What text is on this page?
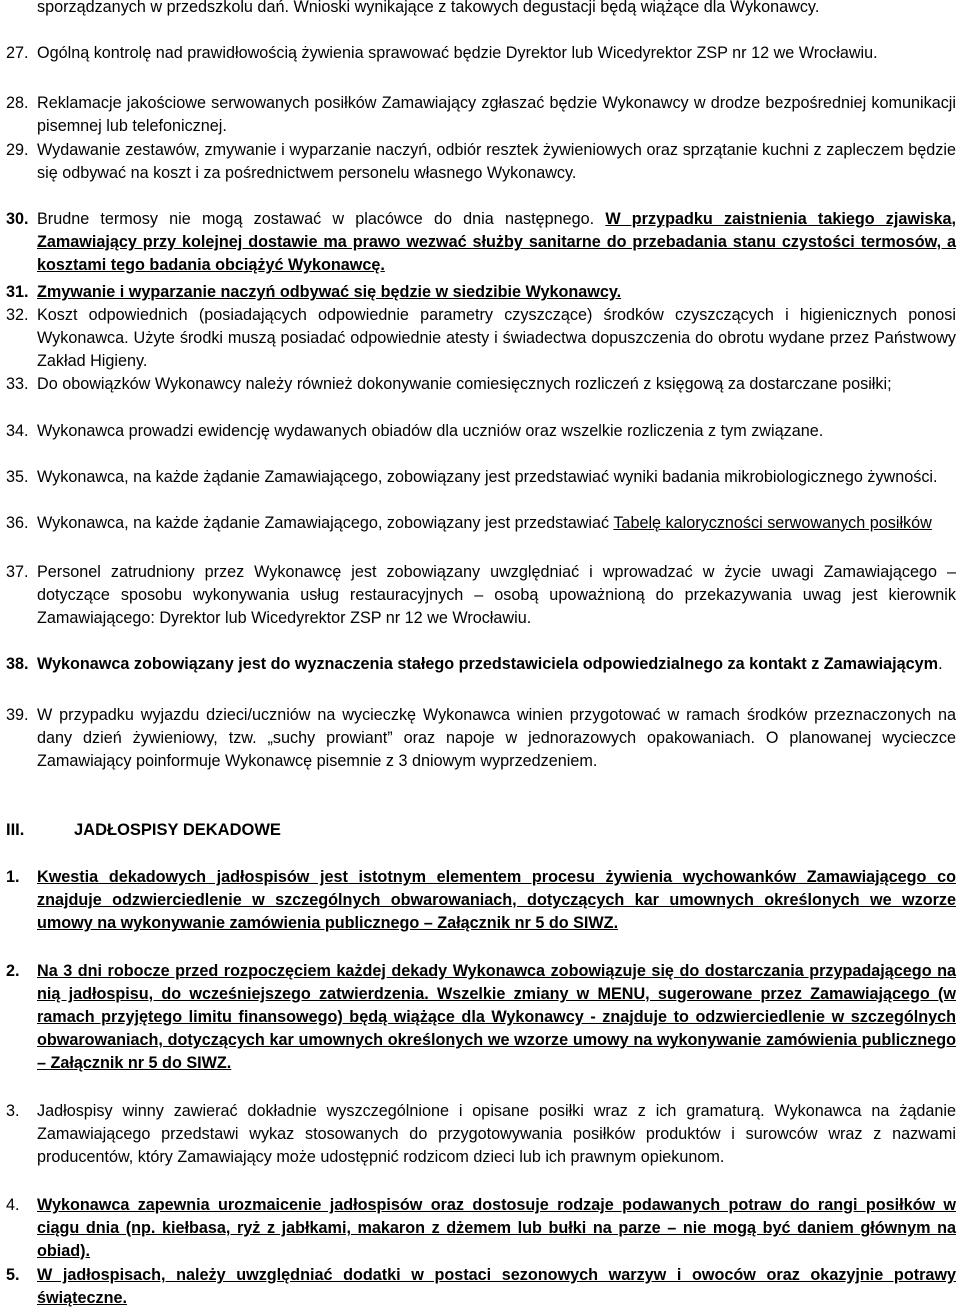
sporządzanych w przedszkolu dań. Wnioski wynikające z takowych degustacji będą wiążące dla Wykonawcy.
27. Ogólną kontrolę nad prawidłowością żywienia sprawować będzie Dyrektor lub Wicedyrektor ZSP nr 12 we Wrocławiu.
28. Reklamacje jakościowe serwowanych posiłków Zamawiający zgłaszać będzie Wykonawcy w drodze bezpośredniej komunikacji pisemnej lub telefonicznej.
29. Wydawanie zestawów, zmywanie i wyparzanie naczyń, odbiór resztek żywieniowych oraz sprzątanie kuchni z zapleczem będzie się odbywać na koszt i za pośrednictwem personelu własnego Wykonawcy.
30. Brudne termosy nie mogą zostawać w placówce do dnia następnego. W przypadku zaistnienia takiego zjawiska, Zamawiający przy kolejnej dostawie ma prawo wezwać służby sanitarne do przebadania stanu czystości termosów, a kosztami tego badania obciążyć Wykonawcę.
31. Zmywanie i wyparzanie naczyń odbywać się będzie w siedzibie Wykonawcy.
32. Koszt odpowiednich (posiadających odpowiednie parametry czyszczące) środków czyszczących i higienicznych ponosi Wykonawca. Użyte środki muszą posiadać odpowiednie atesty i świadectwa dopuszczenia do obrotu wydane przez Państwowy Zakład Higieny.
33. Do obowiązków Wykonawcy należy również dokonywanie comiesięcznych rozliczeń z księgową za dostarczane posiłki;
34. Wykonawca prowadzi ewidencję wydawanych obiadów dla uczniów oraz wszelkie rozliczenia z tym związane.
35. Wykonawca, na każde żądanie Zamawiającego, zobowiązany jest przedstawiać wyniki badania mikrobiologicznego żywności.
36. Wykonawca, na każde żądanie Zamawiającego, zobowiązany jest przedstawiać Tabelę kaloryczności serwowanych posiłków
37. Personel zatrudniony przez Wykonawcę jest zobowiązany uwzględniać i wprowadzać w życie uwagi Zamawiającego – dotyczące sposobu wykonywania usług restauracyjnych – osobą upoważnioną do przekazywania uwag jest kierownik Zamawiającego: Dyrektor lub Wicedyrektor ZSP nr 12 we Wrocławiu.
38. Wykonawca zobowiązany jest do wyznaczenia stałego przedstawiciela odpowiedzialnego za kontakt z Zamawiającym.
39. W przypadku wyjazdu dzieci/uczniów na wycieczkę Wykonawca winien przygotować w ramach środków przeznaczonych na dany dzień żywieniowy, tzw. „suchy prowiant” oraz napoje w jednorazowych opakowaniach. O planowanej wycieczce Zamawiający poinformuje Wykonawcę pisemnie z 3 dniowym wyprzedzeniem.
III.	JADŁOSPISY DEKADOWE
1. Kwestia dekadowych jadłospisów jest istotnym elementem procesu żywienia wychowanków Zamawiającego co znajduje odzwierciedlenie w szczególnych obwarowaniach, dotyczących kar umownych określonych we wzorze umowy na wykonywanie zamówienia publicznego – Załącznik nr 5 do SIWZ.
2. Na 3 dni robocze przed rozpoczęciem każdej dekady Wykonawca zobowiązuje się do dostarczania przypadającego na nią jadłospisu, do wcześniejszego zatwierdzenia. Wszelkie zmiany w MENU, sugerowane przez Zamawiającego (w ramach przyjętego limitu finansowego) będą wiążące dla Wykonawcy - znajduje to odzwierciedlenie w szczególnych obwarowaniach, dotyczących kar umownych określonych we wzorze umowy na wykonywanie zamówienia publicznego – Załącznik nr 5 do SIWZ.
3. Jadłospisy winny zawierać dokładnie wyszczególnione i opisane posiłki wraz z ich gramaturą. Wykonawca na żądanie Zamawiającego przedstawi wykaz stosowanych do przygotowywania posiłków produktów i surowców wraz z nazwami producentów, który Zamawiający może udostępnić rodzicom dzieci lub ich prawnym opiekunom.
4. Wykonawca zapewnia urozmaicenie jadłospisów oraz dostosuje rodzaje podawanych potraw do rangi posiłków w ciągu dnia (np. kiełbasa, ryż z jabłkami, makaron z dżemem lub bułki na parze – nie mogą być daniem głównym na obiad).
5. W jadłospisach, należy uwzględniać dodatki w postaci sezonowych warzyw i owoców oraz okazyjnie potrawy świąteczne.
